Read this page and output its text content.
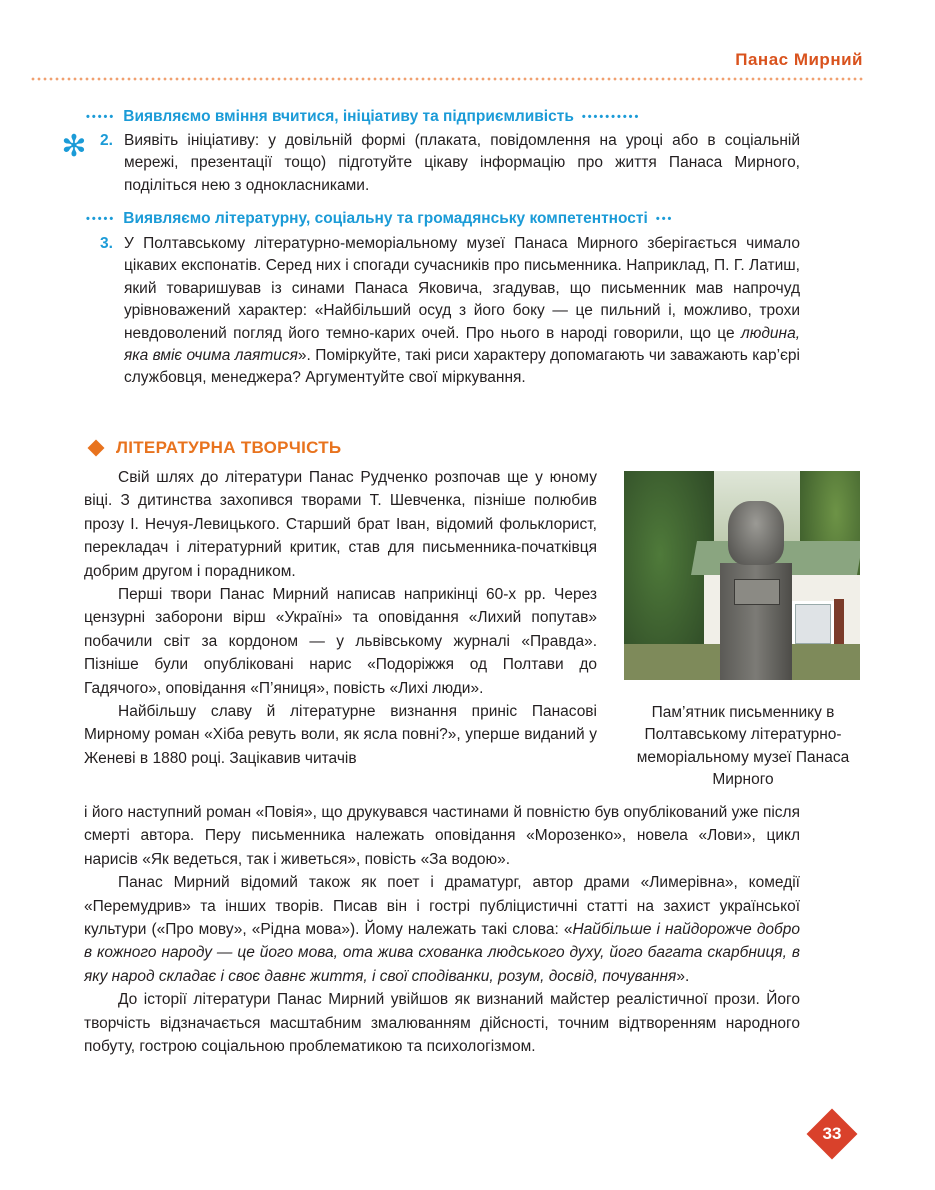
Панас Мирний
✻
••••• Виявляємо вміння вчитися, ініціативу та підприємливість ••••••••••
2. Виявіть ініціативу: у довільній формі (плаката, повідомлення на уроці або в соціальній мережі, презентації тощо) підготуйте цікаву інформацію про життя Панаса Мирного, поділіться нею з однокласниками.
••••• Виявляємо літературну, соціальну та громадянську компетентності •••
3. У Полтавському літературно-меморіальному музеї Панаса Мирного зберігається чимало цікавих експонатів. Серед них і спогади сучасників про письменника. Наприклад, П. Г. Латиш, який товаришував із синами Панаса Яковича, згадував, що письменник мав напрочуд урівноважений характер: «Найбільший осуд з його боку — це пильний і, можливо, трохи невдоволений погляд його темно-карих очей. Про нього в народі говорили, що це людина, яка вміє очима лаятися». Поміркуйте, такі риси характеру допомагають чи заважають кар’єрі службовця, менеджера? Аргументуйте свої міркування.
ЛІТЕРАТУРНА ТВОРЧІСТЬ
Пам’ятник письменнику в Полтавському літературно-меморіальному музеї Панаса Мирного

Свій шлях до літератури Панас Рудченко розпочав ще у юному віці. З дитинства захопився творами Т. Шевченка, пізніше полюбив прозу І. Нечуя-Левицького. Старший брат Іван, відомий фольклорист, перекладач і літературний критик, став для письменника-початківця добрим другом і порадником.

Перші твори Панас Мирний написав наприкінці 60-х рр. Через цензурні заборони вірш «Україні» та оповідання «Лихий попутав» побачили світ за кордоном — у львівському журналі «Правда». Пізніше були опубліковані нарис «Подоріжжя од Полтави до Гадячого», оповідання «П’яниця», повість «Лихі люди».

Найбільшу славу й літературне визнання приніс Панасові Мирному роман «Хіба ревуть воли, як ясла повні?», уперше виданий у Женеві в 1880 році. Зацікавив читачів

і його наступний роман «Повія», що друкувався частинами й повністю був опублікований уже після смерті автора. Перу письменника належать оповідання «Морозенко», новела «Лови», цикл нарисів «Як ведеться, так і живеться», повість «За водою».

Панас Мирний відомий також як поет і драматург, автор драми «Лимерівна», комедії «Перемудрив» та інших творів. Писав він і гострі публіцистичні статті на захист української культури («Про мову», «Рідна мова»). Йому належать такі слова: «Найбільше і найдорожче добро в кожного народу — це його мова, ота жива схованка людського духу, його багата скарбниця, в яку народ складає і своє давнє життя, і свої сподіванки, розум, досвід, почування».

До історії літератури Панас Мирний увійшов як визнаний майстер реалістичної прози. Його творчість відзначається масштабним змалюванням дійсності, точним відтворенням народного побуту, гострою соціальною проблематикою та психологізмом.

33
